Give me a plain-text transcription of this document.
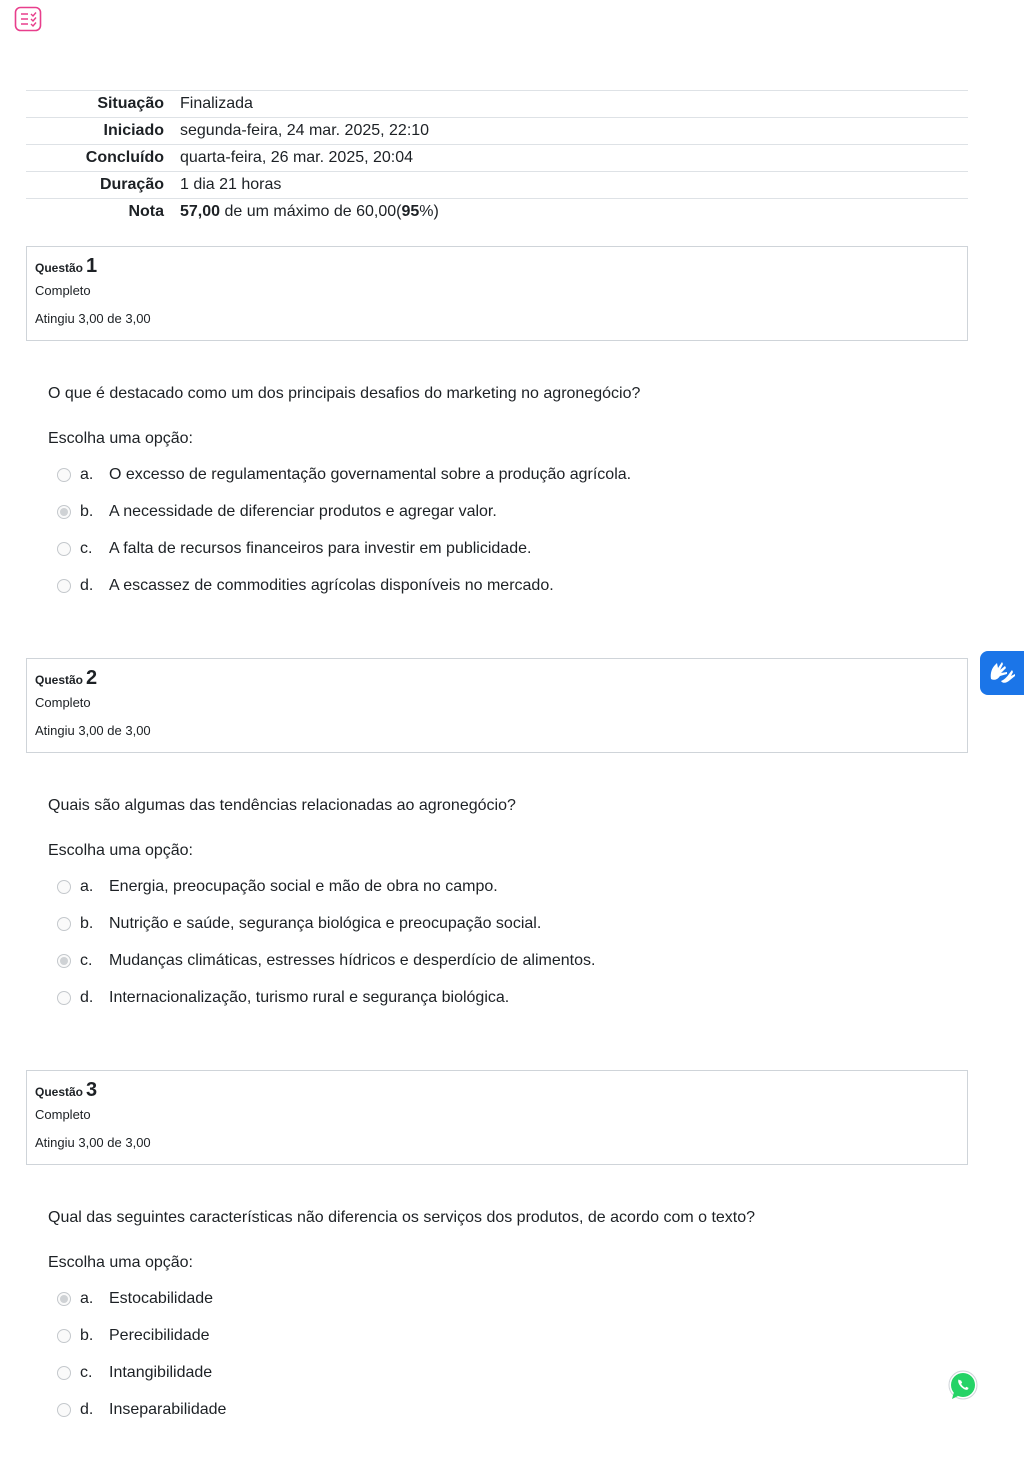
Situação	Finalizada
Iniciado	segunda-feira, 24 mar. 2025, 22:10
Concluído	quarta-feira, 26 mar. 2025, 20:04
Duração	1 dia 21 horas
Nota	57,00 de um máximo de 60,00(95%)
Questão 1
Completo
Atingiu 3,00 de 3,00
O que é destacado como um dos principais desafios do marketing no agronegócio?
Escolha uma opção:
a. O excesso de regulamentação governamental sobre a produção agrícola.
b. A necessidade de diferenciar produtos e agregar valor.
c.	A falta de recursos financeiros para investir em publicidade.
d. A escassez de commodities agrícolas disponíveis no mercado.
Questão 2
Completo
Atingiu 3,00 de 3,00
Quais são algumas das tendências relacionadas ao agronegócio?
Escolha uma opção:
a. Energia, preocupação social e mão de obra no campo.
b. Nutrição e saúde, segurança biológica e preocupação social.
c.	Mudanças climáticas, estresses hídricos e desperdício de alimentos.
d. Internacionalização, turismo rural e segurança biológica.
Questão 3
Completo
Atingiu 3,00 de 3,00
Qual das seguintes características não diferencia os serviços dos produtos, de acordo com o texto?
Escolha uma opção:
a. Estocabilidade
b. Perecibilidade
c.	Intangibilidade
d. Inseparabilidade
